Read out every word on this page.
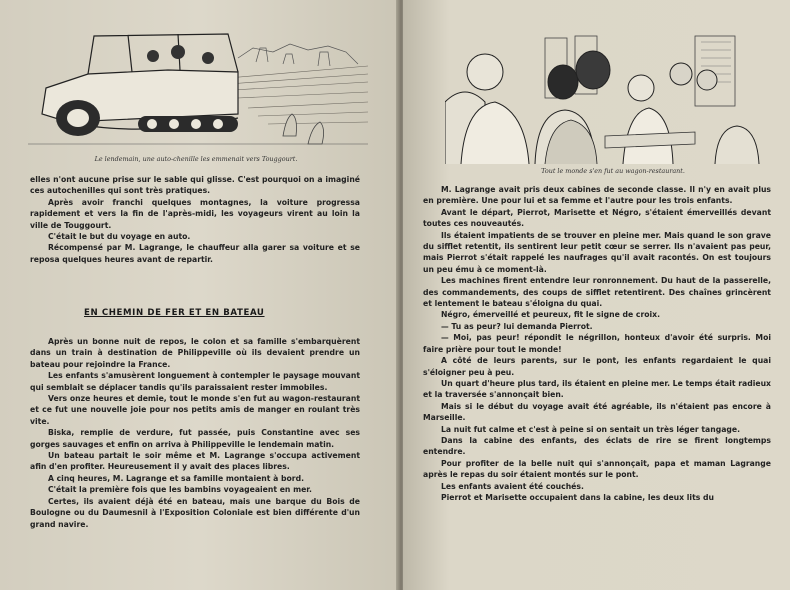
Le lendemain, une auto-chenille les emmenait vers Touggourt.

elles n'ont aucune prise sur le sable qui glisse. C'est pourquoi on a imaginé ces autochenilles qui sont très pratiques.

Après avoir franchi quelques montagnes, la voiture progressa rapidement et vers la fin de l'après-midi, les voyageurs virent au loin la ville de Touggourt.

C'était le but du voyage en auto.

Récompensé par M. Lagrange, le chauffeur alla garer sa voiture et se reposa quelques heures avant de repartir.

EN CHEMIN DE FER ET EN BATEAU

Après un bonne nuit de repos, le colon et sa famille s'embarquèrent dans un train à destination de Philippeville où ils devaient prendre un bateau pour rejoindre la France.

Les enfants s'amusèrent longuement à contempler le paysage mouvant qui semblait se déplacer tandis qu'ils paraissaient rester immobiles.

Vers onze heures et demie, tout le monde s'en fut au wagon-restaurant et ce fut une nouvelle joie pour nos petits amis de manger en roulant très vite.

Biska, remplie de verdure, fut passée, puis Constantine avec ses gorges sauvages et enfin on arriva à Philippeville le lendemain matin.

Un bateau partait le soir même et M. Lagrange s'occupa activement afin d'en profiter. Heureusement il y avait des places libres.

A cinq heures, M. Lagrange et sa famille montaient à bord.

C'était la première fois que les bambins voyageaient en mer.

Certes, ils avaient déjà été en bateau, mais une barque du Bois de Boulogne ou du Daumesnil à l'Exposition Coloniale est bien différente d'un grand navire.

Tout le monde s'en fut au wagon-restaurant.

M. Lagrange avait pris deux cabines de seconde classe. Il n'y en avait plus en première. Une pour lui et sa femme et l'autre pour les trois enfants.

Avant le départ, Pierrot, Marisette et Négro, s'étaient émerveillés devant toutes ces nouveautés.

Ils étaient impatients de se trouver en pleine mer. Mais quand le son grave du sifflet retentit, ils sentirent leur petit cœur se serrer. Ils n'avaient pas peur, mais Pierrot s'était rappelé les naufrages qu'il avait racontés. On est toujours un peu ému à ce moment-là.

Les machines firent entendre leur ronronnement. Du haut de la passerelle, des commandements, des coups de sifflet retentirent. Des chaînes grincèrent et lentement le bateau s'éloigna du quai.

Négro, émerveillé et peureux, fit le signe de croix.

— Tu as peur? lui demanda Pierrot.

— Moi, pas peur! répondit le négrillon, honteux d'avoir été surpris. Moi faire prière pour tout le monde!

A côté de leurs parents, sur le pont, les enfants regardaient le quai s'éloigner peu à peu.

Un quart d'heure plus tard, ils étaient en pleine mer. Le temps était radieux et la traversée s'annonçait bien.

Mais si le début du voyage avait été agréable, ils n'étaient pas encore à Marseille.

La nuit fut calme et c'est à peine si on sentait un très léger tangage.

Dans la cabine des enfants, des éclats de rire se firent longtemps entendre.

Pour profiter de la belle nuit qui s'annonçait, papa et maman Lagrange après le repas du soir étaient montés sur le pont.

Les enfants avaient été couchés.

Pierrot et Marisette occupaient dans la cabine, les deux lits du
